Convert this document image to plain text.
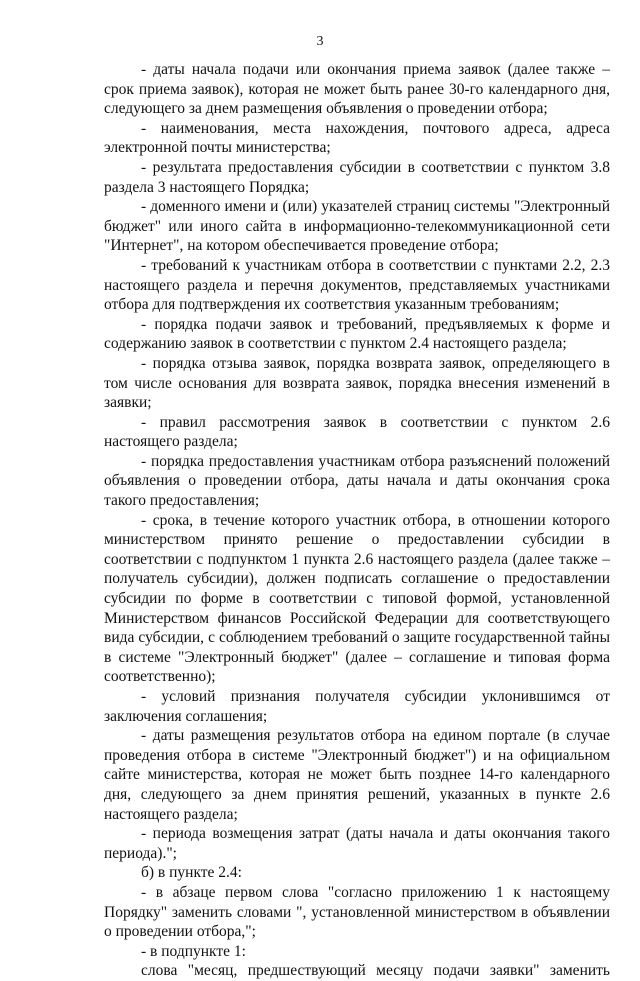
3

- даты начала подачи или окончания приема заявок (далее также – срок приема заявок), которая не может быть ранее 30-го календарного дня, следующего за днем размещения объявления о проведении отбора;

- наименования, места нахождения, почтового адреса, адреса электронной почты министерства;

- результата предоставления субсидии в соответствии с пунктом 3.8 раздела 3 настоящего Порядка;

- доменного имени и (или) указателей страниц системы "Электронный бюджет" или иного сайта в информационно-телекоммуникационной сети "Интернет", на котором обеспечивается проведение отбора;

- требований к участникам отбора в соответствии с пунктами 2.2, 2.3 настоящего раздела и перечня документов, представляемых участниками отбора для подтверждения их соответствия указанным требованиям;

- порядка подачи заявок и требований, предъявляемых к форме и содержанию заявок в соответствии с пунктом 2.4 настоящего раздела;

- порядка отзыва заявок, порядка возврата заявок, определяющего в том числе основания для возврата заявок, порядка внесения изменений в заявки;

- правил рассмотрения заявок в соответствии с пунктом 2.6 настоящего раздела;

- порядка предоставления участникам отбора разъяснений положений объявления о проведении отбора, даты начала и даты окончания срока такого предоставления;

- срока, в течение которого участник отбора, в отношении которого министерством принято решение о предоставлении субсидии в соответствии с подпунктом 1 пункта 2.6 настоящего раздела (далее также – получатель субсидии), должен подписать соглашение о предоставлении субсидии по форме в соответствии с типовой формой, установленной Министерством финансов Российской Федерации для соответствующего вида субсидии, с соблюдением требований о защите государственной тайны в системе "Электронный бюджет" (далее – соглашение и типовая форма соответственно);

- условий признания получателя субсидии уклонившимся от заключения соглашения;

- даты размещения результатов отбора на едином портале (в случае проведения отбора в системе "Электронный бюджет") и на официальном сайте министерства, которая не может быть позднее 14-го календарного дня, следующего за днем принятия решений, указанных в пункте 2.6 настоящего раздела;

- периода возмещения затрат (даты начала и даты окончания такого периода).";

б) в пункте 2.4:

- в абзаце первом слова "согласно приложению 1 к настоящему Порядку" заменить словами ", установленной министерством в объявлении о проведении отбора,";

- в подпункте 1:

слова "месяц, предшествующий месяцу подачи заявки" заменить
